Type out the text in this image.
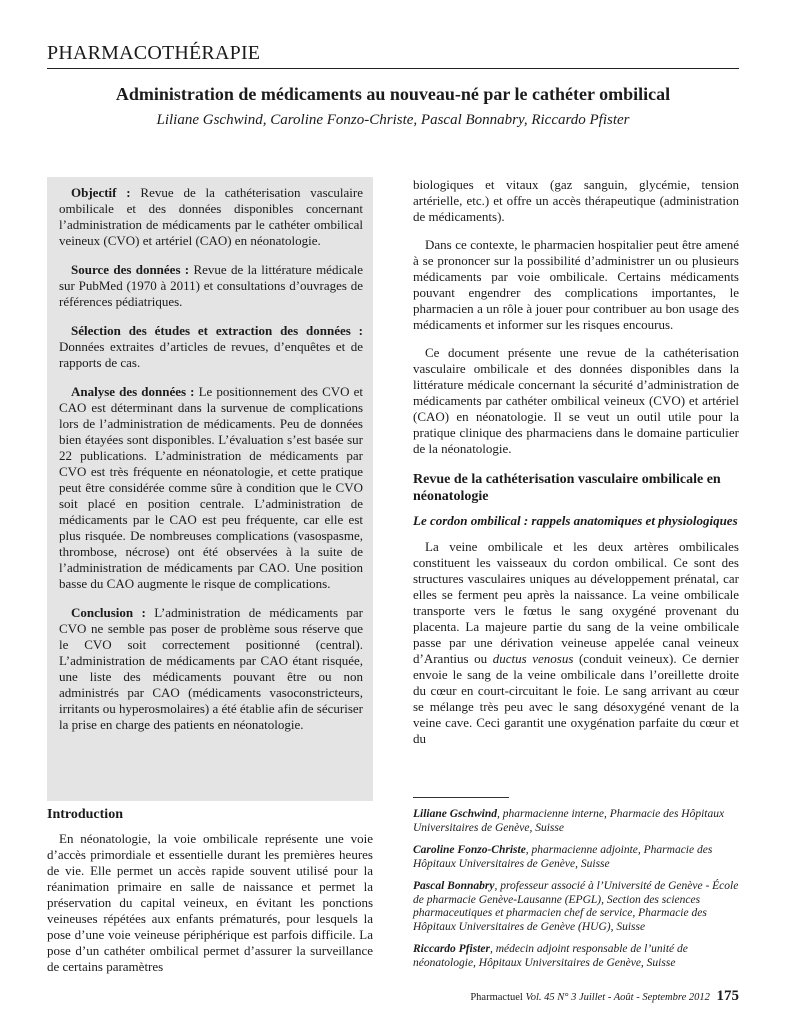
PHARMACOTHÉRAPIE
Administration de médicaments au nouveau-né par le cathéter ombilical
Liliane Gschwind, Caroline Fonzo-Christe, Pascal Bonnabry, Riccardo Pfister

Objectif : Revue de la cathéterisation vasculaire ombilicale et des données disponibles concernant l’administration de médicaments par le cathéter ombilical veineux (CVO) et artériel (CAO) en néonatologie.

Source des données : Revue de la littérature médicale sur PubMed (1970 à 2011) et consultations d’ouvrages de références pédiatriques.

Sélection des études et extraction des données : Données extraites d’articles de revues, d’enquêtes et de rapports de cas.

Analyse des données : Le positionnement des CVO et CAO est déterminant dans la survenue de complications lors de l’administration de médicaments. Peu de données bien étayées sont disponibles. L’évaluation s’est basée sur 22 publications. L’administration de médicaments par CVO est très fréquente en néonatologie, et cette pratique peut être considérée comme sûre à condition que le CVO soit placé en position centrale. L’administration de médicaments par le CAO est peu fréquente, car elle est plus risquée. De nombreuses complications (vasospasme, thrombose, nécrose) ont été observées à la suite de l’administration de médicaments par CAO. Une position basse du CAO augmente le risque de complications.

Conclusion : L’administration de médicaments par CVO ne semble pas poser de problème sous réserve que le CVO soit correctement positionné (central). L’administration de médicaments par CAO étant risquée, une liste des médicaments pouvant être ou non administrés par CAO (médicaments vasoconstricteurs, irritants ou hyperosmolaires) a été établie afin de sécuriser la prise en charge des patients en néonatologie.

Introduction

En néonatologie, la voie ombilicale représente une voie d’accès primordiale et essentielle durant les premières heures de vie. Elle permet un accès rapide souvent utilisé pour la réanimation primaire en salle de naissance et permet la préservation du capital veineux, en évitant les ponctions veineuses répétées aux enfants prématurés, pour lesquels la pose d’une voie veineuse périphérique est parfois difficile. La pose d’un cathéter ombilical permet d’assurer la surveillance de certains paramètres

biologiques et vitaux (gaz sanguin, glycémie, tension artérielle, etc.) et offre un accès thérapeutique (administration de médicaments).

Dans ce contexte, le pharmacien hospitalier peut être amené à se prononcer sur la possibilité d’administrer un ou plusieurs médicaments par voie ombilicale. Certains médicaments pouvant engendrer des complications importantes, le pharmacien a un rôle à jouer pour contribuer au bon usage des médicaments et informer sur les risques encourus.

Ce document présente une revue de la cathéterisation vasculaire ombilicale et des données disponibles dans la littérature médicale concernant la sécurité d’administration de médicaments par cathéter ombilical veineux (CVO) et artériel (CAO) en néonatologie. Il se veut un outil utile pour la pratique clinique des pharmaciens dans le domaine particulier de la néonatologie.

Revue de la cathéterisation vasculaire ombilicale en néonatologie
Le cordon ombilical : rappels anatomiques et physiologiques

La veine ombilicale et les deux artères ombilicales constituent les vaisseaux du cordon ombilical. Ce sont des structures vasculaires uniques au développement prénatal, car elles se ferment peu après la naissance. La veine ombilicale transporte vers le fœtus le sang oxygéné provenant du placenta. La majeure partie du sang de la veine ombilicale passe par une dérivation veineuse appelée canal veineux d’Arantius ou ductus venosus (conduit veineux). Ce dernier envoie le sang de la veine ombilicale dans l’oreillette droite du cœur en court-circuitant le foie. Le sang arrivant au cœur se mélange très peu avec le sang désoxygéné venant de la veine cave. Ceci garantit une oxygénation parfaite du cœur et du

Liliane Gschwind, pharmacienne interne, Pharmacie des Hôpitaux Universitaires de Genève, Suisse

Caroline Fonzo-Christe, pharmacienne adjointe, Pharmacie des Hôpitaux Universitaires de Genève, Suisse

Pascal Bonnabry, professeur associé à l’Université de Genève - École de pharmacie Genève-Lausanne (EPGL), Section des sciences pharmaceutiques et pharmacien chef de service, Pharmacie des Hôpitaux Universitaires de Genève (HUG), Suisse

Riccardo Pfister, médecin adjoint responsable de l’unité de néonatologie, Hôpitaux Universitaires de Genève, Suisse

Pharmactuel Vol. 45 N° 3 Juillet - Août - Septembre 2012 175
